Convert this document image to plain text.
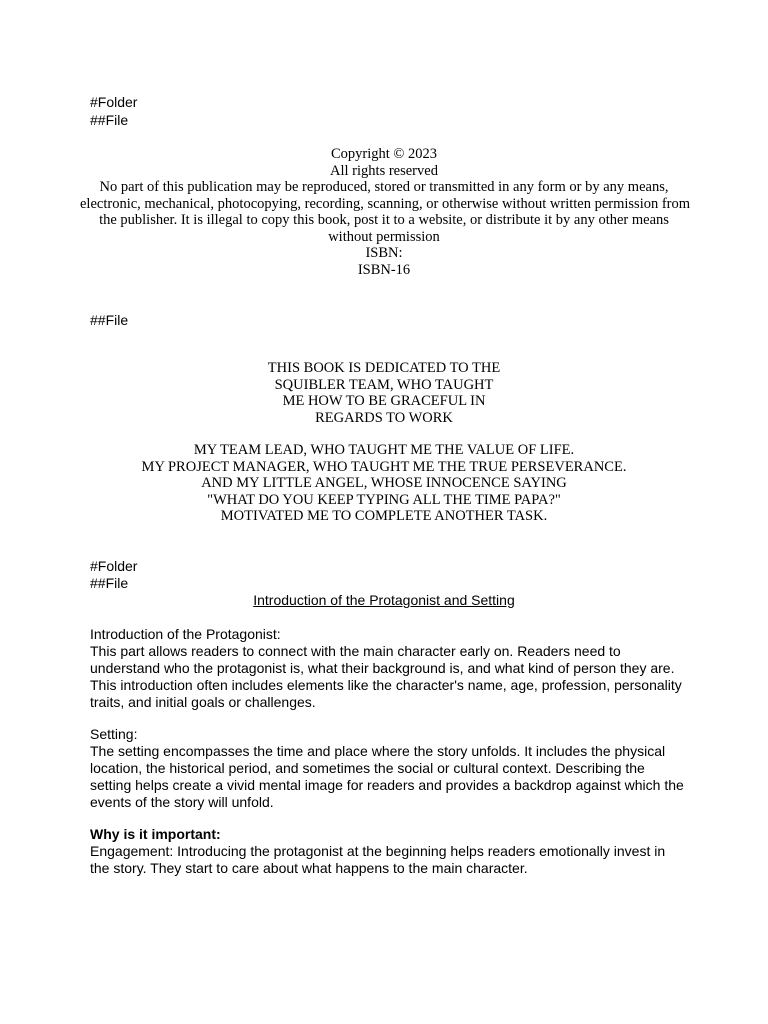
#Folder
##File
Copyright © 2023
All rights reserved
No part of this publication may be reproduced, stored or transmitted in any form or by any means,
electronic, mechanical, photocopying, recording, scanning, or otherwise without written permission from
the publisher. It is illegal to copy this book, post it to a website, or distribute it by any other means
without permission
ISBN:
ISBN-16
##File
THIS BOOK IS DEDICATED TO THE
SQUIBLER TEAM, WHO TAUGHT
ME HOW TO BE GRACEFUL IN
REGARDS TO WORK
MY TEAM LEAD, WHO TAUGHT ME THE VALUE OF LIFE.
MY PROJECT MANAGER, WHO TAUGHT ME THE TRUE PERSEVERANCE.
AND MY LITTLE ANGEL, WHOSE INNOCENCE SAYING
"WHAT DO YOU KEEP TYPING ALL THE TIME PAPA?"
MOTIVATED ME TO COMPLETE ANOTHER TASK.
#Folder
##File
Introduction of the Protagonist and Setting
Introduction of the Protagonist:
This part allows readers to connect with the main character early on. Readers need to
understand who the protagonist is, what their background is, and what kind of person they are.
This introduction often includes elements like the character's name, age, profession, personality
traits, and initial goals or challenges.
Setting:
The setting encompasses the time and place where the story unfolds. It includes the physical
location, the historical period, and sometimes the social or cultural context. Describing the
setting helps create a vivid mental image for readers and provides a backdrop against which the
events of the story will unfold.
Why is it important:
Engagement: Introducing the protagonist at the beginning helps readers emotionally invest in
the story. They start to care about what happens to the main character.
